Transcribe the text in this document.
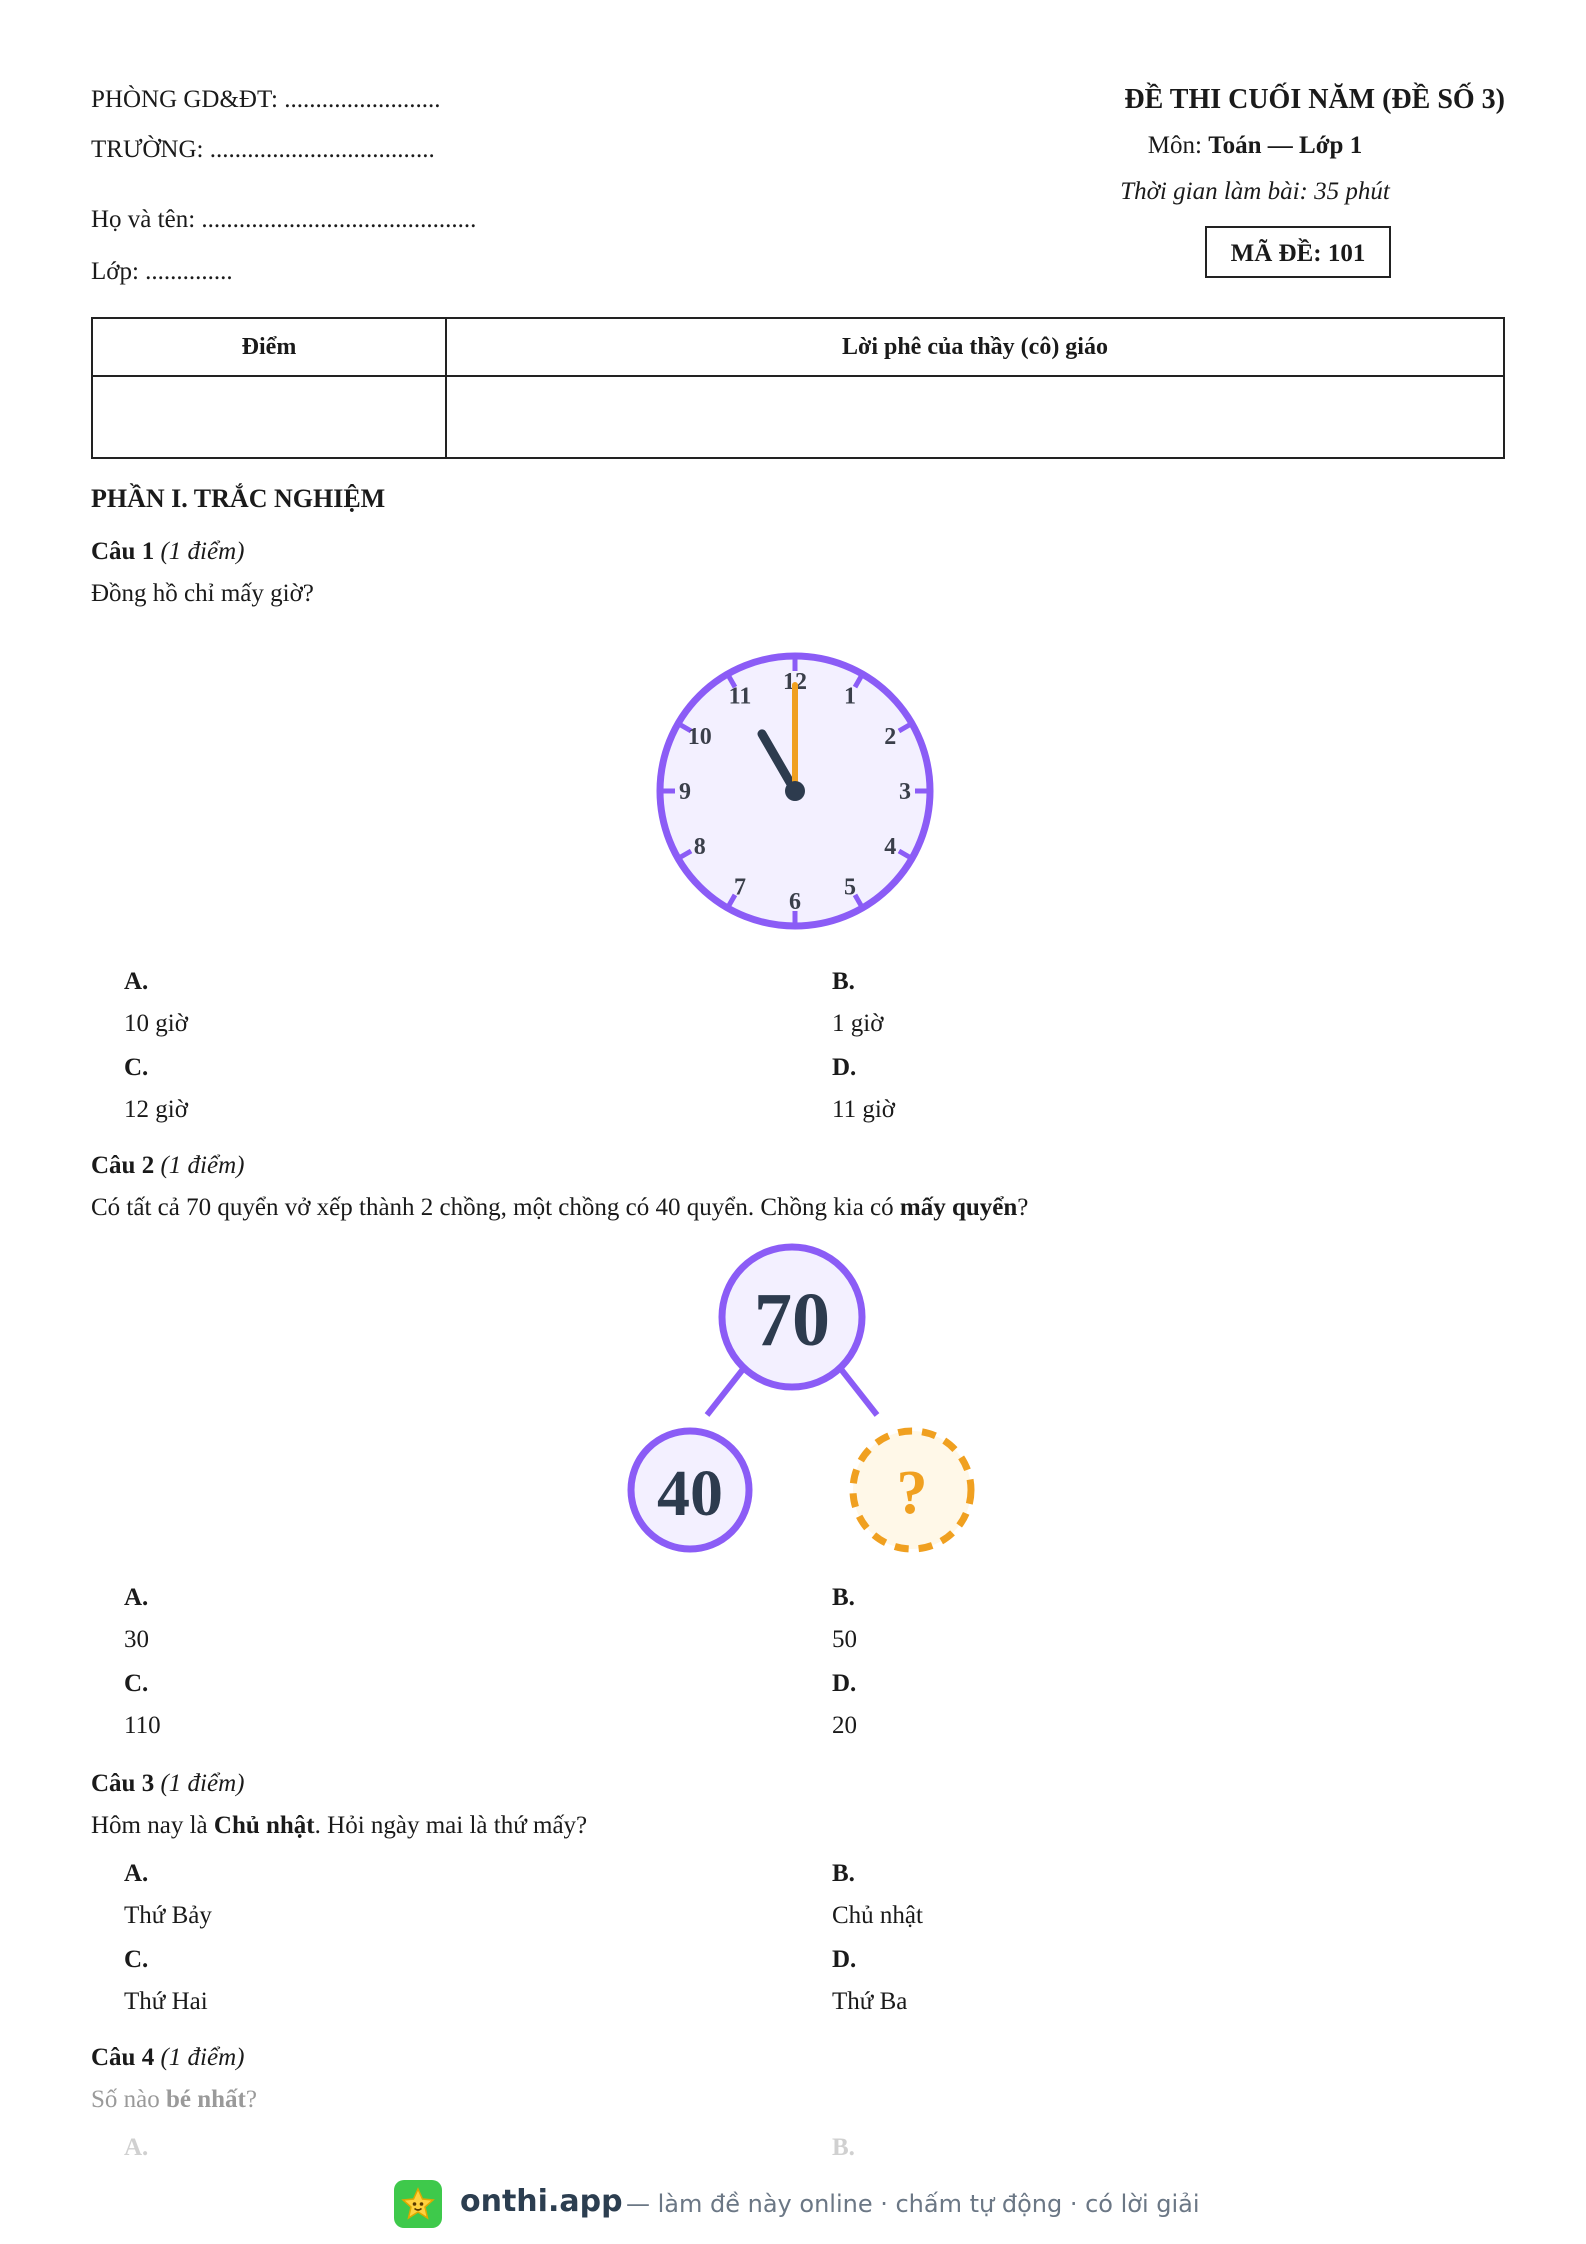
PHÒNG GD&ĐT: .........................
TRƯỜNG: ....................................
Họ và tên: ............................................
Lớp: ..............
ĐỀ THI CUỐI NĂM (ĐỀ SỐ 3)
Môn: Toán — Lớp 1
Thời gian làm bài: 35 phút
MÃ ĐỀ: 101
Điểm	Lời phê của thầy (cô) giáo

PHẦN I. TRẮC NGHIỆM
Câu 1 (1 điểm)
Đồng hồ chỉ mấy giờ?
12
1
2
3
4
5
6
7
8
9
10
11
A.
10 giờ
B.
1 giờ
C.
12 giờ
D.
11 giờ
Câu 2 (1 điểm)
Có tất cả 70 quyển vở xếp thành 2 chồng, một chồng có 40 quyển. Chồng kia có mấy quyển?
70
40	?
A.
30
B.
50
C.
110
D.
20
Câu 3 (1 điểm)
Hôm nay là Chủ nhật. Hỏi ngày mai là thứ mấy?
A.
Thứ Bảy
B.
Chủ nhật
C.
Thứ Hai
D.
Thứ Ba
Câu 4 (1 điểm)
Số nào bé nhất?
A.	B.
onthi.app — làm đề này online · chấm tự động · có lời giải
